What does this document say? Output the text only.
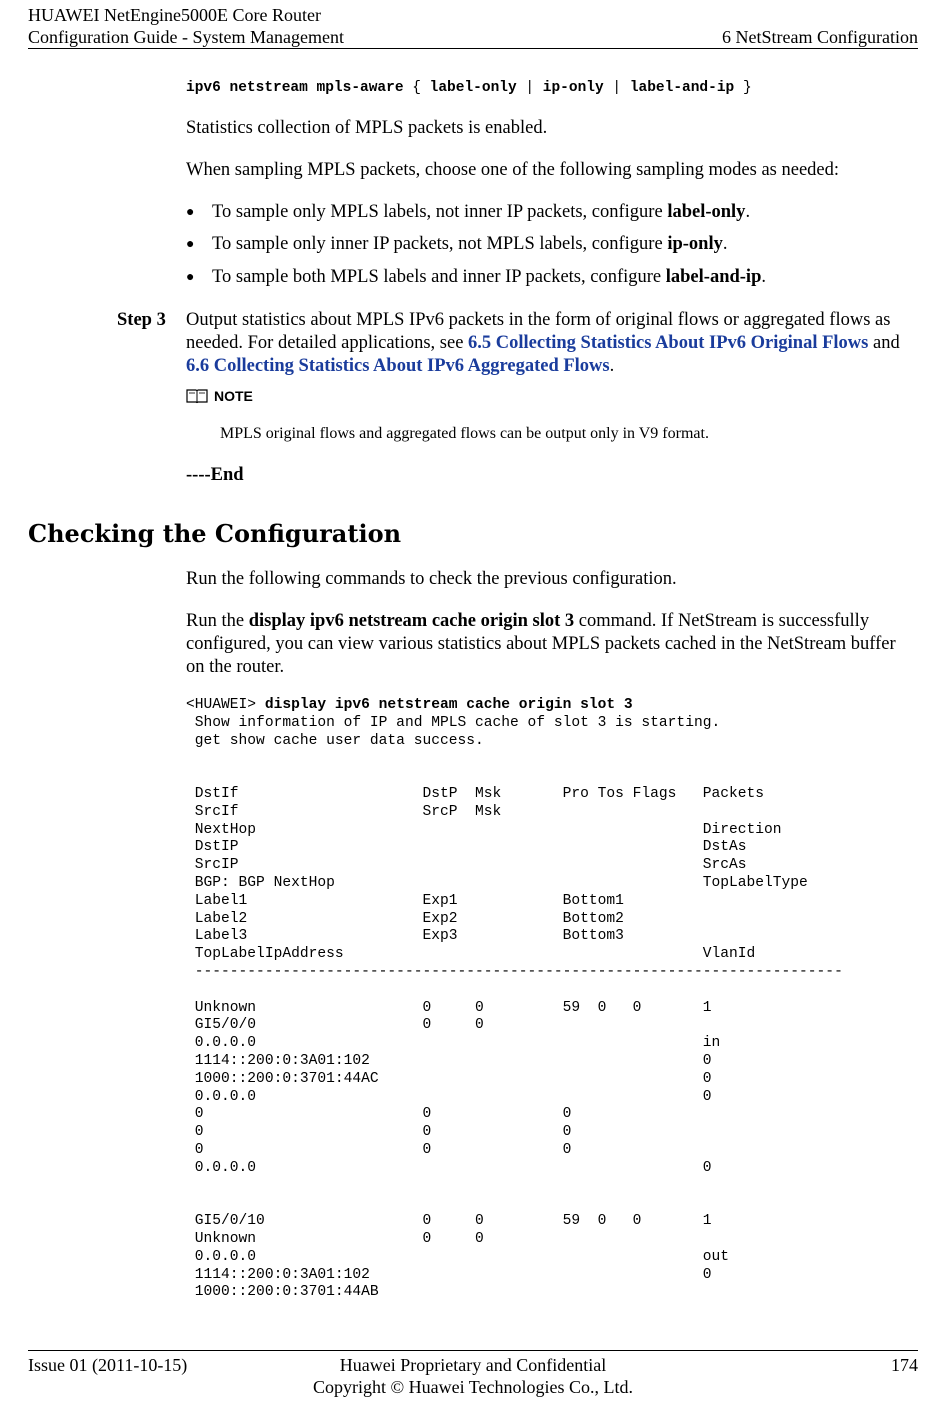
HUAWEI NetEngine5000E Core Router
Configuration Guide - System Management	6 NetStream Configuration
ipv6 netstream mpls-aware { label-only | ip-only | label-and-ip }

Statistics collection of MPLS packets is enabled.

When sampling MPLS packets, choose one of the following sampling modes as needed:

● To sample only MPLS labels, not inner IP packets, configure label-only.
● To sample only inner IP packets, not MPLS labels, configure ip-only.
● To sample both MPLS labels and inner IP packets, configure label-and-ip.
Step 3 Output statistics about MPLS IPv6 packets in the form of original flows or aggregated flows as
needed. For detailed applications, see 6.5 Collecting Statistics About IPv6 Original Flows and
6.6 Collecting Statistics About IPv6 Aggregated Flows.
NOTE
MPLS original flows and aggregated flows can be output only in V9 format.
----End
Checking the Configuration

Run the following commands to check the previous configuration.

Run the display ipv6 netstream cache origin slot 3 command. If NetStream is successfully
configured, you can view various statistics about MPLS packets cached in the NetStream buffer
on the router.
<HUAWEI> display ipv6 netstream cache origin slot 3
Show information of IP and MPLS cache of slot 3 is starting.
get show cache user data success.

DstIf                     DstP  Msk       Pro Tos Flags   Packets
SrcIf                     SrcP  Msk
NextHop                                                   Direction
DstIP                                                     DstAs
SrcIP                                                     SrcAs
BGP: BGP NextHop                                          TopLabelType
Label1                    Exp1            Bottom1
Label2                    Exp2            Bottom2
Label3                    Exp3            Bottom3
TopLabelIpAddress                                         VlanId
--------------------------------------------------------------------------

Unknown                   0     0         59  0   0       1
GI5/0/0                   0     0
0.0.0.0                                                   in
1114::200:0:3A01:102                                      0
1000::200:0:3701:44AC                                     0
0.0.0.0                                                   0
0                         0               0
0                         0               0
0                         0               0
0.0.0.0                                                   0

GI5/0/10                  0     0         59  0   0       1
Unknown                   0     0
0.0.0.0                                                   out
1114::200:0:3A01:102                                      0
1000::200:0:3701:44AB
Issue 01 (2011-10-15)	Huawei Proprietary and Confidential
Copyright © Huawei Technologies Co., Ltd.
174
